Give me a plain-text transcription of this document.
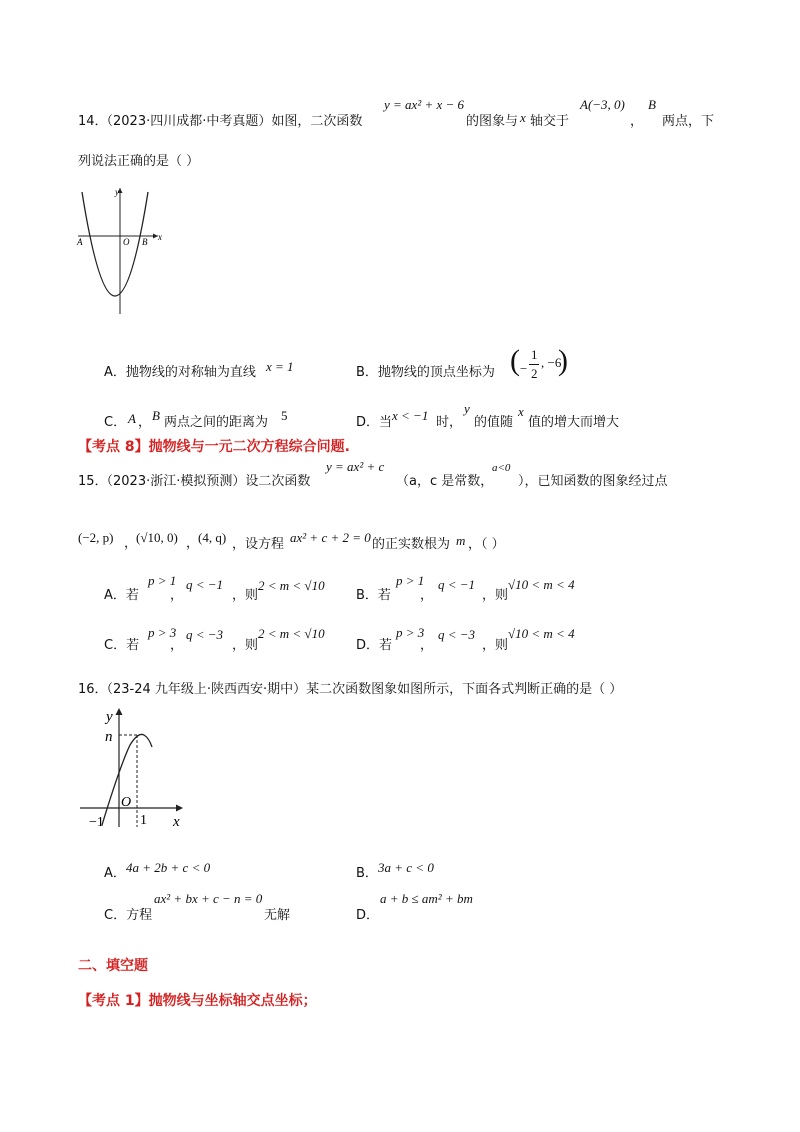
14．
（2023·四川成都·中考真题）如图，二次函数
y = ax² + x − 6
的图象与 x 轴交于
A(−3, 0)
，
B
两点，下
列说法正确的是（ ）
y
A	O B x
A．抛物线的对称轴为直线 x = 1	B．抛物线的顶点坐标为 ( −
1
2
, −6
)
C． A ， B 两点之间的距离为 5	D．当 x < −1 时，
y
的值随
x
值的增大而增大
【考点 8】抛物线与一元二次方程综合问题.
15．
（2023·浙江·模拟预测）设二次函数
y = ax² + c
（a，c 是常数，
a<0
），已知函数的图象经过点
(−2, p) ，
(√10, 0) ，
(4, q) ，设方程 ax² + c + 2 = 0 的正实数根为 m ，（ ）
A．若
p > 1
，
q < −1
，则
2 < m < √10
B．若
p > 1
，
q < −1
，则
√10 < m < 4
C．若
p > 3
，
q < −3
，则
2 < m < √10
D．若
p > 3
，
q < −3
，则
√10 < m < 4
16．
（23-24 九年级上·陕西西安·期中）某二次函数图象如图所示，下面各式判断正确的是（ ）
y
n
O
−1	1 x
A． 4a + 2b + c < 0	B． 3a + c < 0
C．方程
ax² + bx + c − n = 0
无解	D．
a + b ≤ am² + bm
二、填空题
【考点 1】抛物线与坐标轴交点坐标；
